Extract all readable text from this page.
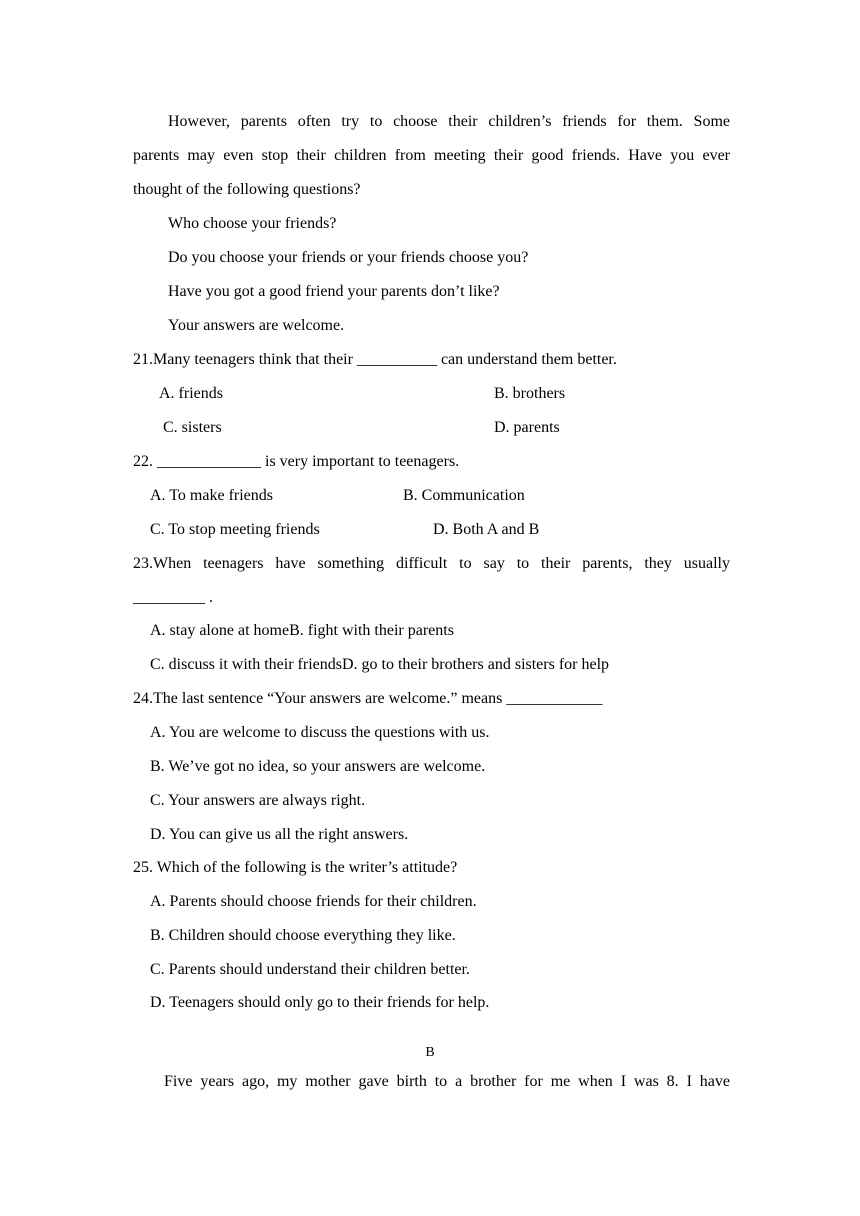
However, parents often try to choose their children’s friends for them. Some
parents may even stop their children from meeting their good friends. Have you ever
thought of the following questions?
Who choose your friends?
Do you choose your friends or your friends choose you?
Have you got a good friend your parents don’t like?
Your answers are welcome.
21.Many teenagers think that their __________ can understand them better.
A. friends	B. brothers
C. sisters	D. parents
22. _____________ is very important to teenagers.
A. To make friends	B. Communication
C. To stop meeting friends	D. Both A and B
23.When teenagers have something difficult to say to their parents, they usually
_________ .
A. stay alone at homeB. fight with their parents
C. discuss it with their friendsD. go to their brothers and sisters for help
24.The last sentence “Your answers are welcome.” means ____________
A. You are welcome to discuss the questions with us.
B. We’ve got no idea, so your answers are welcome.
C. Your answers are always right.
D. You can give us all the right answers.
25. Which of the following is the writer’s attitude?
A. Parents should choose friends for their children.
B. Children should choose everything they like.
C. Parents should understand their children better.
D. Teenagers should only go to their friends for help.
B
Five years ago, my mother gave birth to a brother for me when I was 8. I have
